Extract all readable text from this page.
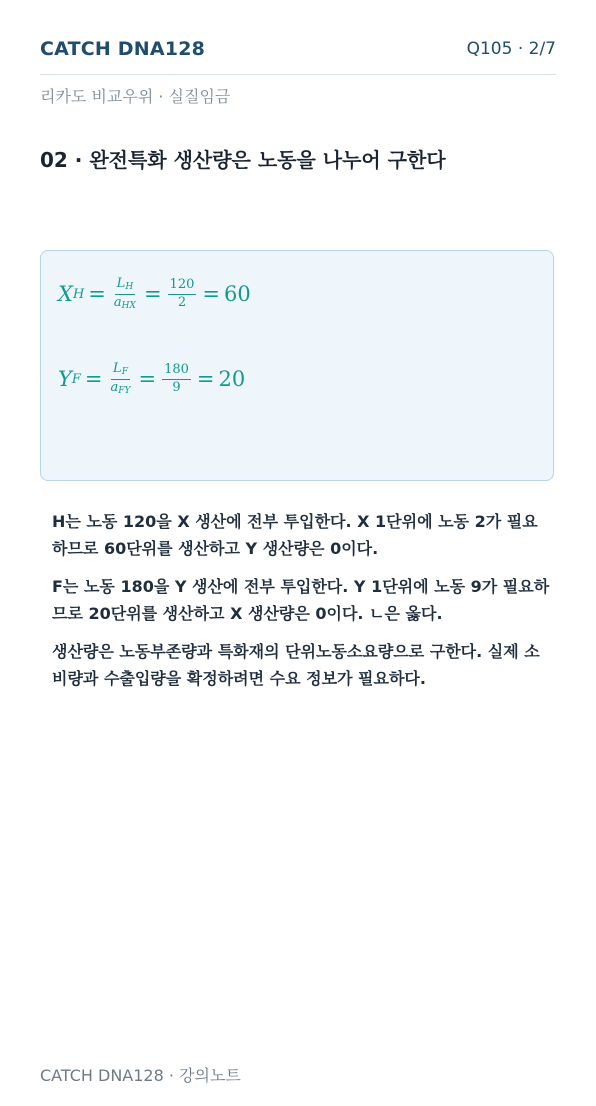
CATCH DNA128	Q105 · 2/7
리카도 비교우위 · 실질임금
02 · 완전특화 생산량은 노동을 나누어 구한다
X $H = \frac{LH}{\text{aHX}} = \frac{120}{2} = 60$
Y $F = \frac{LF}{\text{aFY}} = \frac{180}{9} = 20$

H는 노동 120을 X 생산에 전부 투입한다. X 1단위에 노동 2가 필요하므로 60단위를 생산하고 Y 생산량은 0이다.

F는 노동 180을 Y 생산에 전부 투입한다. Y 1단위에 노동 9가 필요하므로 20단위를 생산하고 X 생산량은 0이다. ㄴ은 옳다.

생산량은 노동부존량과 특화재의 단위노동소요량으로 구한다. 실제 소비량과 수출입량을 확정하려면 수요 정보가 필요하다.

CATCH DNA128 · 강의노트
